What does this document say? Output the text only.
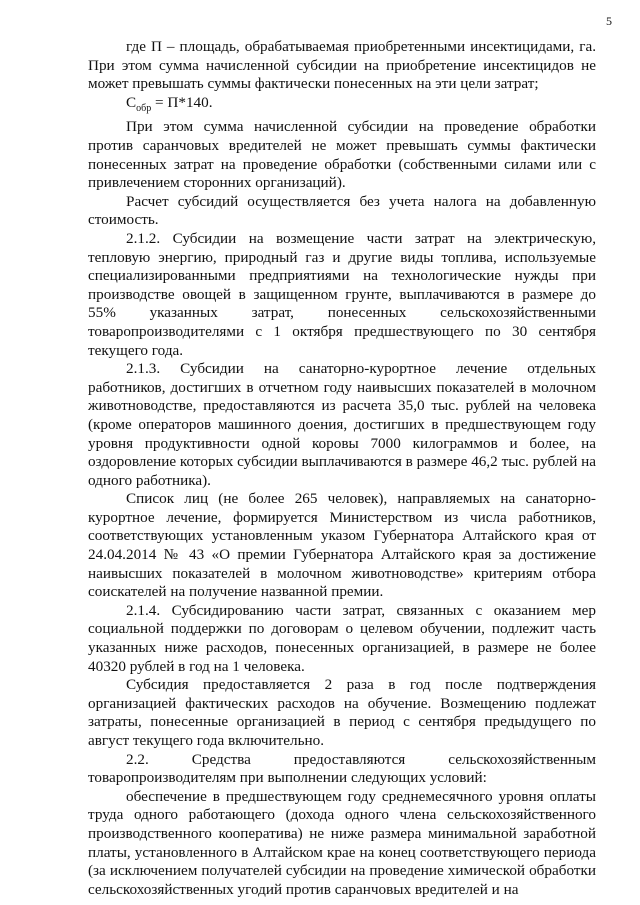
5

где П – площадь, обрабатываемая приобретенными инсектицидами, га. При этом сумма начисленной субсидии на приобретение инсектицидов не может превышать суммы фактически понесенных на эти цели затрат;

$С_{обр} = П*140$.

При этом сумма начисленной субсидии на проведение обработки против саранчовых вредителей не может превышать суммы фактически понесенных затрат на проведение обработки (собственными силами или с привлечением сторонних организаций).

Расчет субсидий осуществляется без учета налога на добавленную стоимость.

2.1.2. Субсидии на возмещение части затрат на электрическую, тепловую энергию, природный газ и другие виды топлива, используемые специализированными предприятиями на технологические нужды при производстве овощей в защищенном грунте, выплачиваются в размере до 55% указанных затрат, понесенных сельскохозяйственными товаропроизводителями с 1 октября предшествующего по 30 сентября текущего года.

2.1.3. Субсидии на санаторно-курортное лечение отдельных работников, достигших в отчетном году наивысших показателей в молочном животноводстве, предоставляются из расчета 35,0 тыс. рублей на человека (кроме операторов машинного доения, достигших в предшествующем году уровня продуктивности одной коровы 7000 килограммов и более, на оздоровление которых субсидии выплачиваются в размере 46,2 тыс. рублей на одного работника).

Список лиц (не более 265 человек), направляемых на санаторно-курортное лечение, формируется Министерством из числа работников, соответствующих установленным указом Губернатора Алтайского края от 24.04.2014 № 43 «О премии Губернатора Алтайского края за достижение наивысших показателей в молочном животноводстве» критериям отбора соискателей на получение названной премии.

2.1.4. Субсидированию части затрат, связанных с оказанием мер социальной поддержки по договорам о целевом обучении, подлежит часть указанных ниже расходов, понесенных организацией, в размере не более 40320 рублей в год на 1 человека.

Субсидия предоставляется 2 раза в год после подтверждения организацией фактических расходов на обучение. Возмещению подлежат затраты, понесенные организацией в период с сентября предыдущего по август текущего года включительно.

2.2. Средства предоставляются сельскохозяйственным товаропроизводителям при выполнении следующих условий:

обеспечение в предшествующем году среднемесячного уровня оплаты труда одного работающего (дохода одного члена сельскохозяйственного производственного кооператива) не ниже размера минимальной заработной платы, установленного в Алтайском крае на конец соответствующего периода (за исключением получателей субсидии на проведение химической обработки сельскохозяйственных угодий против саранчовых вредителей и на
